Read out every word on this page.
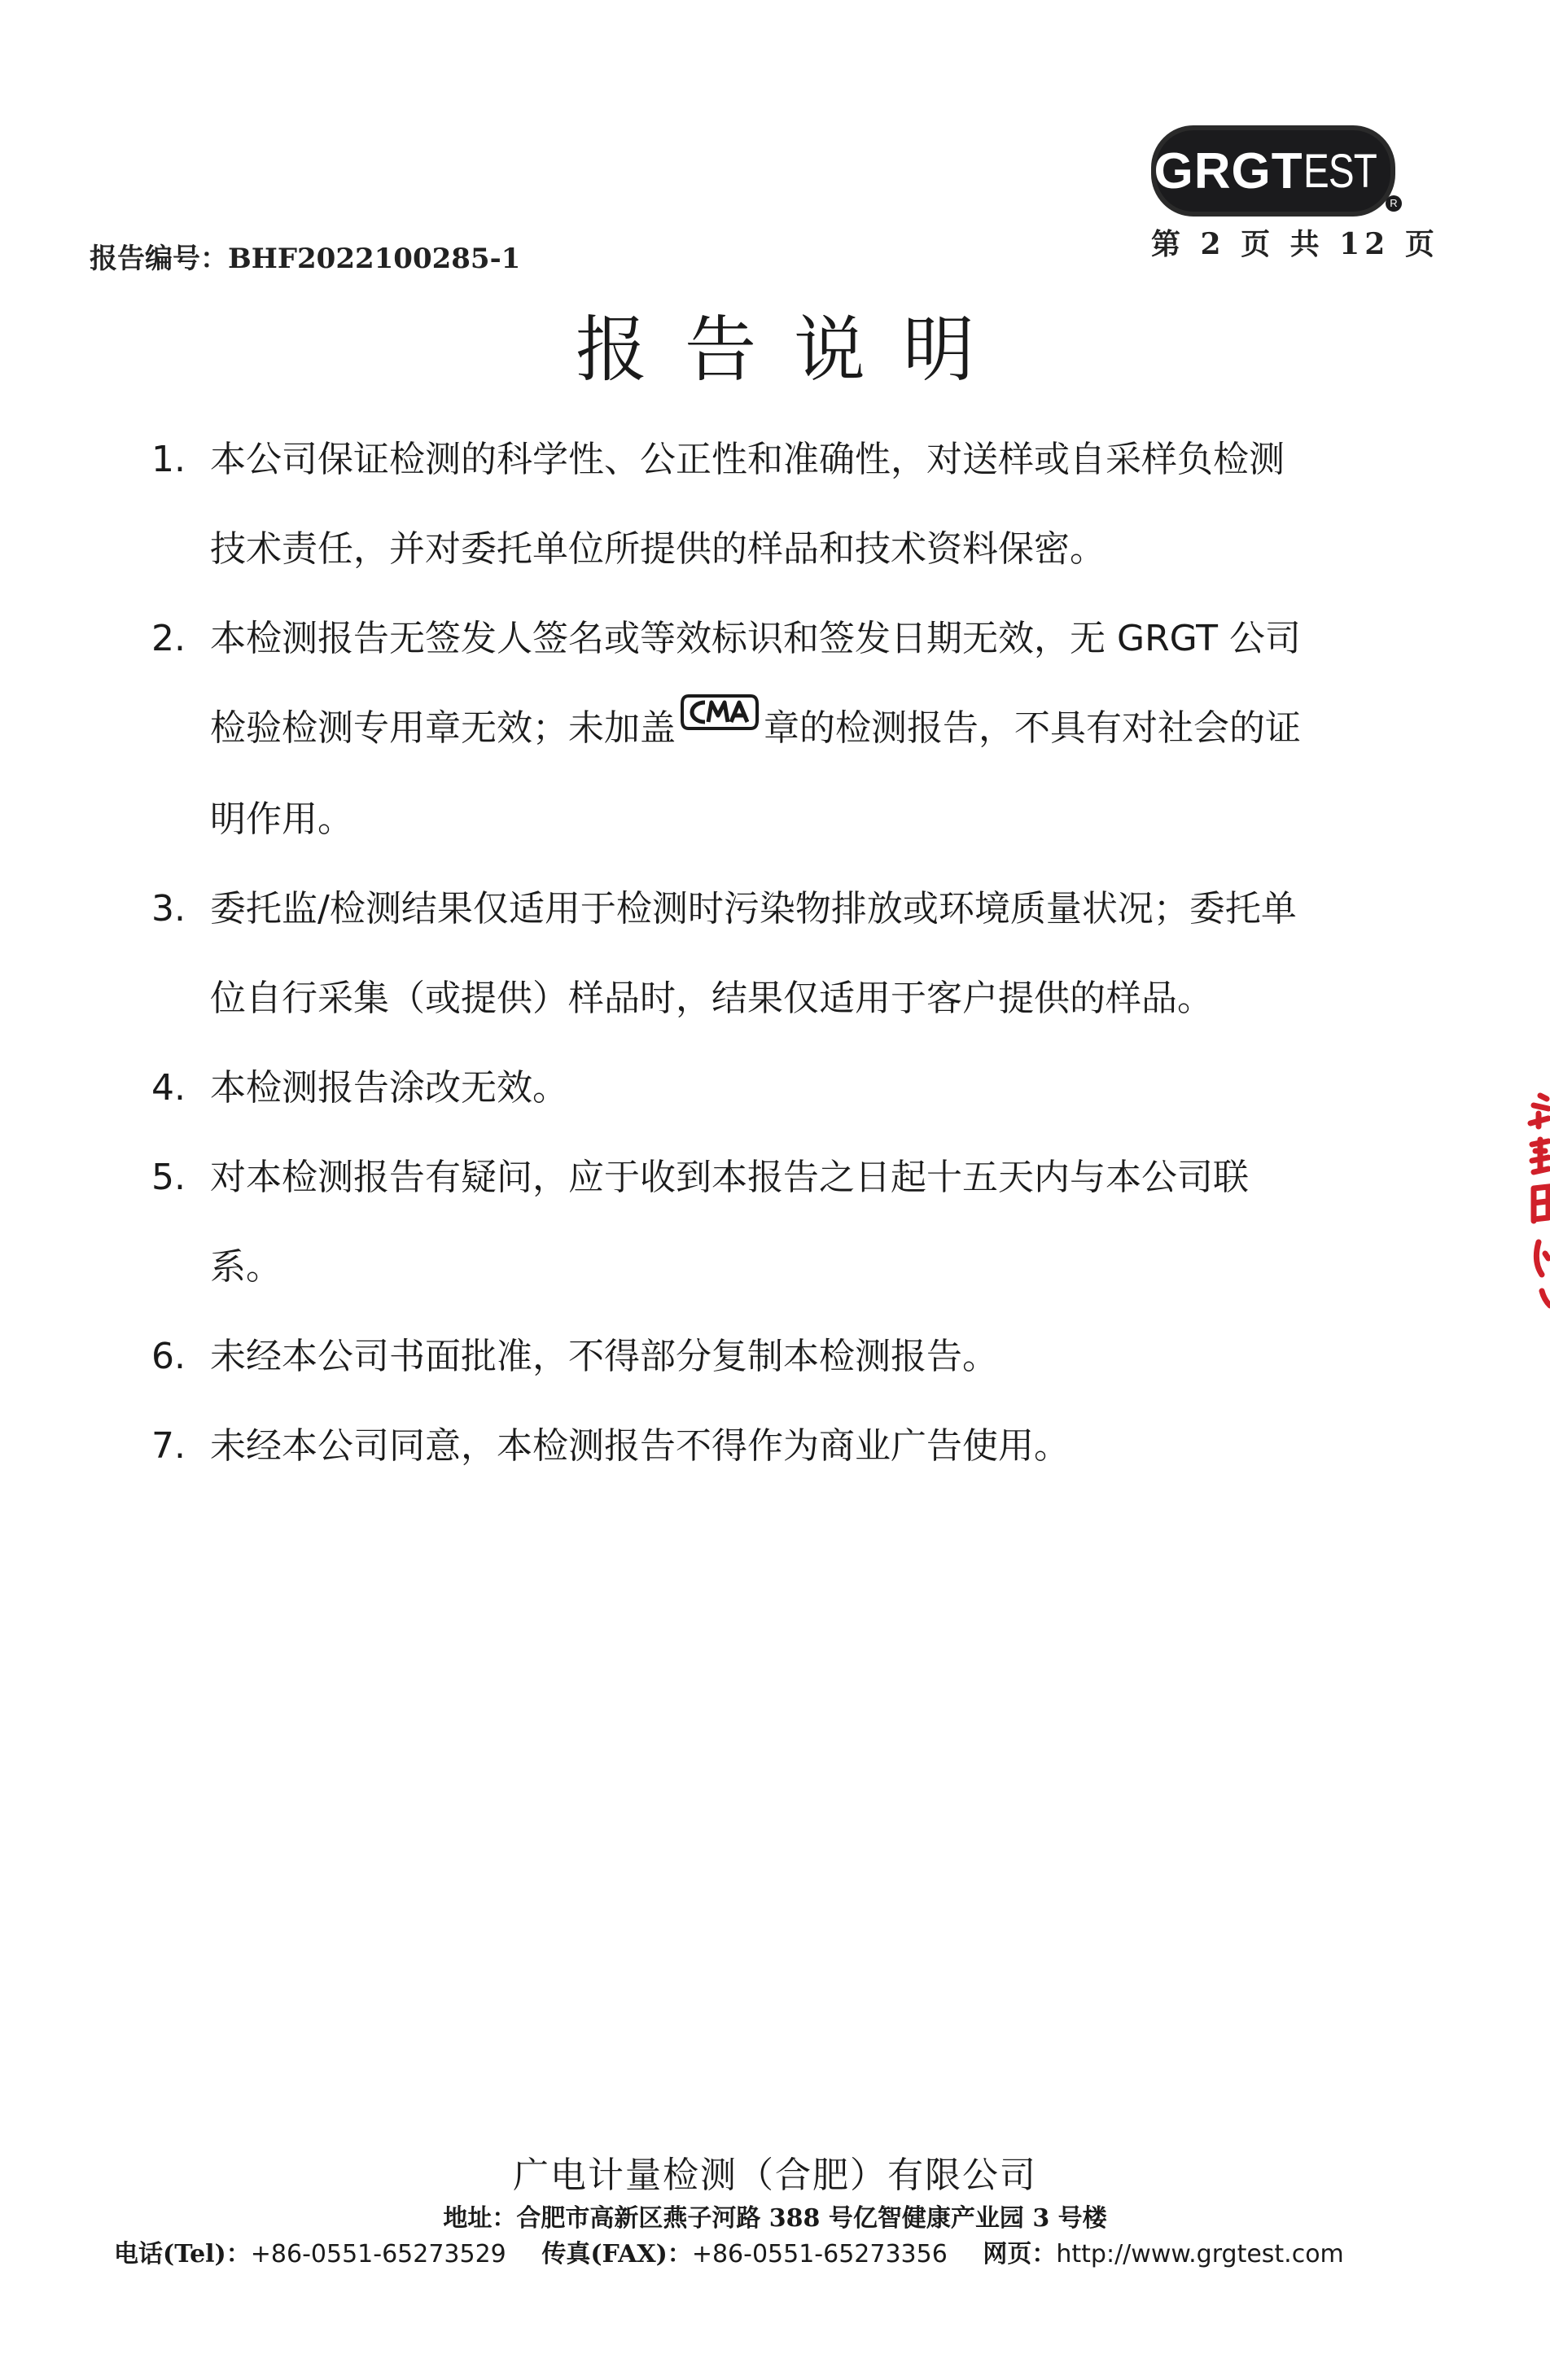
报告编号：BHF2022100285-1
GRGT EST
R
第 2 页 共 12 页
报告说明
1. 本公司保证检测的科学性、公正性和准确性，对送样或自采样负检测技术责任，并对委托单位所提供的样品和技术资料保密。
2. 本检测报告无签发人签名或等效标识和签发日期无效，无 GRGT 公司检验检测专用章无效；未加盖 章的检测报告，不具有对社会的证明作用。
3. 委托监/检测结果仅适用于检测时污染物排放或环境质量状况；委托单位自行采集（或提供）样品时，结果仅适用于客户提供的样品。
4. 本检测报告涂改无效。
5. 对本检测报告有疑问，应于收到本报告之日起十五天内与本公司联系。
6. 未经本公司书面批准，不得部分复制本检测报告。
7. 未经本公司同意，本检测报告不得作为商业广告使用。
广电计量检测（合肥）有限公司
地址：合肥市高新区燕子河路 388 号亿智健康产业园 3 号楼
电话(Tel)：+86-0551-65273529 传真(FAX)：+86-0551-65273356 网页：http://www.grgtest.com
